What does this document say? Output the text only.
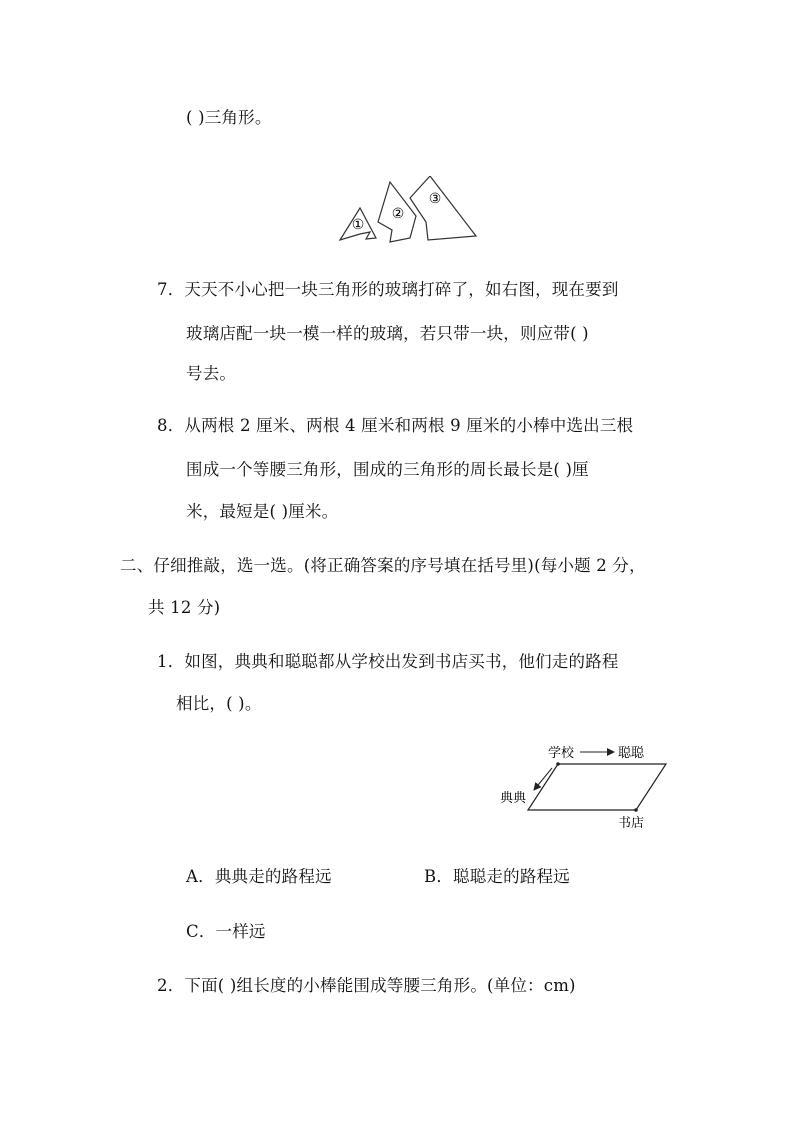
( )三角形。

①
②
③

7．天天不小心把一块三角形的玻璃打碎了，如右图，现在要到

玻璃店配一块一模一样的玻璃，若只带一块，则应带( )

号去。

8．从两根 2 厘米、两根 4 厘米和两根 9 厘米的小棒中选出三根

围成一个等腰三角形，围成的三角形的周长最长是( )厘

米，最短是( )厘米。

二、仔细推敲，选一选。(将正确答案的序号填在括号里)(每小题 2 分，

共 12 分)

1．如图，典典和聪聪都从学校出发到书店买书，他们走的路程

相比，( )。

学校	聪聪
典典
书店

A．典典走的路程远	B．聪聪走的路程远

C．一样远

2．下面( )组长度的小棒能围成等腰三角形。(单位：cm)
